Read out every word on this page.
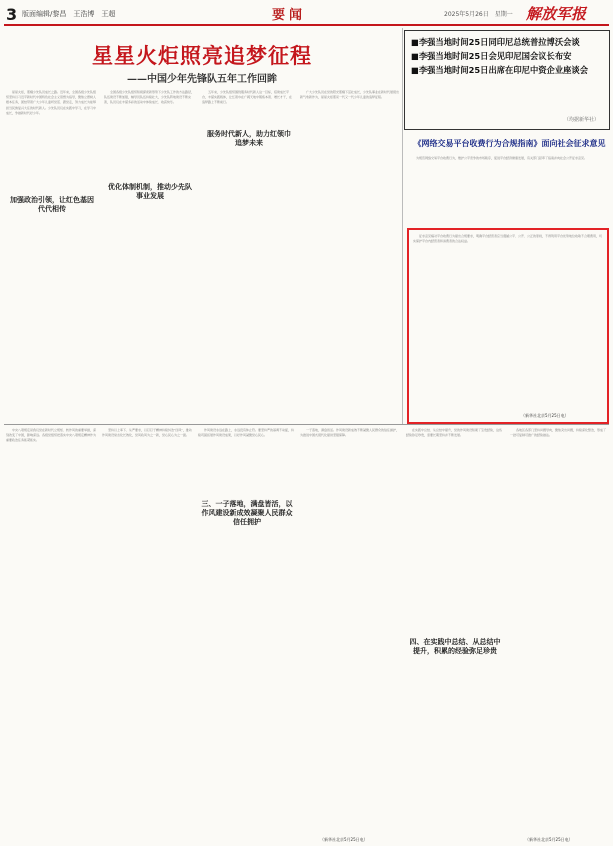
3 版面编辑/黎昌　王浩博　王超	要闻	2025年5月26日　星期一 解放军报
星星火炬照亮追梦征程
——中国少年先锋队五年工作回眸

星星火炬，照耀少先队员成长之路。近年来，全国各级少先队组织坚持以习近平新时代中国特色社会主义思想为指导，聚焦立德树人根本任务，团结带领广大少年儿童听党话、跟党走，努力成长为能够担当民族复兴大任的时代新人。少先队员们在实践中学习，在学习中成长，争做新时代好少年。

加强政治引领，让红色基因代代相传

全国各级少先队组织积极探索新形势下少先队工作的方法路径，队伍建设不断加强，辅导员队伍持续壮大，少先队阵地建设不断完善，队员们在丰富多彩的活动中体验成长、收获快乐。

优化体制机制，推动少先队事业发展

五年来，少先队组织围绕服务时代新人这一目标，搭建成长平台，丰富实践载体，让红领巾在广阔天地中锻炼本领、增长才干，在追梦路上不断前行。

服务时代新人，助力红领巾追梦未来

广大少先队员在党的阳光照耀下茁壮成长，少先队事业在新时代展现出新气象新作为，星星火炬照亮一代又一代少年儿童的追梦征程。

■李强当地时间25日同印尼总统普拉博沃会谈
■李强当地时间25日会见印尼国会议长布安
■李强当地时间25日出席在印尼中资企业座谈会
（均据新华社）
《网络交易平台收费行为合规指南》面向社会征求意见

为规范网络交易平台收费行为，维护公平竞争的市场秩序，促进平台经济健康发展，有关部门起草了指南并向社会公开征求意见。

征求意见稿对平台收费行为提出合规要求，明确平台经营者应当遵循公平、公开、公正的原则，不得利用平台优势地位收取不合理费用，切实保护平台内经营者和消费者的合法权益。

（新华社北京5月25日电）

中央八项规定是我们党在新时代立规矩、转作风的重要举措，深刻改变了中国，影响深远。各级党组织把落实中央八项规定精神作为重要政治任务抓紧抓实。

坚持以上率下、从严要求，以钉钉子精神持续纠治"四风"，推动作风建设常态化长效化，党风政风为之一新，党心民心为之一振。

作风建设永远在路上，永远没有休止符。要坚持严的基调不动摇，持续巩固拓展作风建设成果，以好作风凝聚党心民心。

三、一子落地，满盘皆活，以作风建设新成效凝聚人民群众信任拥护

一子落地，满盘皆活。作风建设新成效不断凝聚人民群众的信任拥护，为推进中国式现代化提供坚强保障。

（新华社北京5月25日电）

在实践中总结、从总结中提升，党的作风建设积累了宝贵经验，这些经验弥足珍贵，需要长期坚持并不断发展。

四、在实践中总结、从总结中提升，积累的经验弥足珍贵

各地区各部门坚持问题导向，聚焦突出问题，持续深化整治，形成了一批可复制可推广的经验做法。

（新华社北京5月25日电）
